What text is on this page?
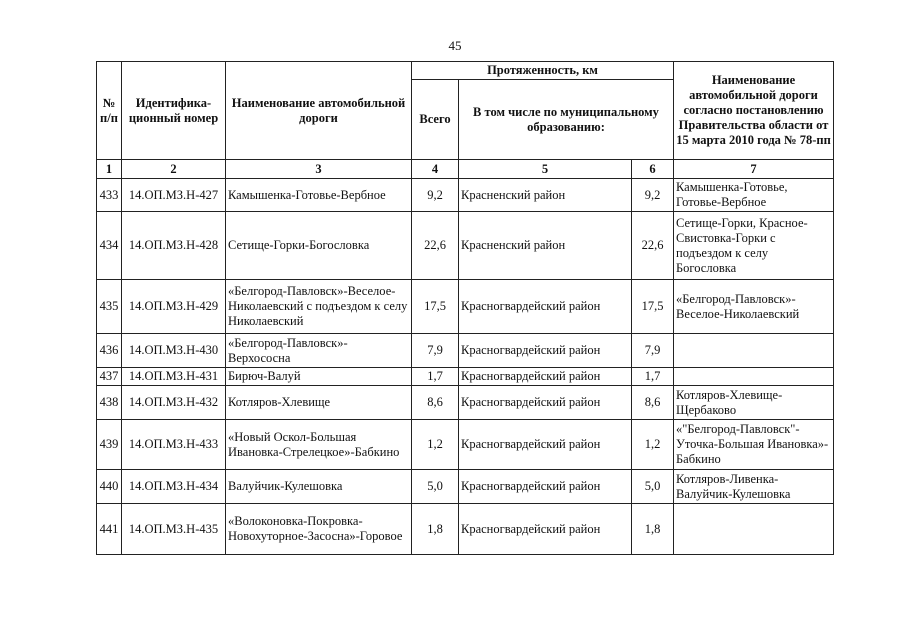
45
№ п/п	Идентифика-ционный номер	Наименование автомобильной дороги	Протяженность, км			Наименование автомобильной дороги согласно постановлению Правительства области от 15 марта 2010 года № 78-пп
			Всего	В том числе по муниципальному образованию:		
1	2	3	4	5	6	7
433	14.ОП.МЗ.Н-427	Камышенка-Готовье-Вербное	9,2	Красненский район	9,2	Камышенка-Готовье, Готовье-Вербное
434	14.ОП.МЗ.Н-428	Сетище-Горки-Богословка	22,6	Красненский район	22,6	Сетище-Горки, Красное-Свистовка-Горки с подъездом к селу Богословка
435	14.ОП.МЗ.Н-429	«Белгород-Павловск»-Веселое-Николаевский с подъездом к селу Николаевский	17,5	Красногвардейский район	17,5	«Белгород-Павловск»-Веселое-Николаевский
436	14.ОП.МЗ.Н-430	«Белгород-Павловск»-Верхососна	7,9	Красногвардейский район	7,9	
437	14.ОП.МЗ.Н-431	Бирюч-Валуй	1,7	Красногвардейский район	1,7	
438	14.ОП.МЗ.Н-432	Котляров-Хлевище	8,6	Красногвардейский район	8,6	Котляров-Хлевище-Щербаково
439	14.ОП.МЗ.Н-433	«Новый Оскол-Большая Ивановка-Стрелецкое»-Бабкино	1,2	Красногвардейский район	1,2	«"Белгород-Павловск"-Уточка-Большая Ивановка»-Бабкино
440	14.ОП.МЗ.Н-434	Валуйчик-Кулешовка	5,0	Красногвардейский район	5,0	Котляров-Ливенка-Валуйчик-Кулешовка
441	14.ОП.МЗ.Н-435	«Волоконовка-Покровка-Новохуторное-Засосна»-Горовое	1,8	Красногвардейский район	1,8	
